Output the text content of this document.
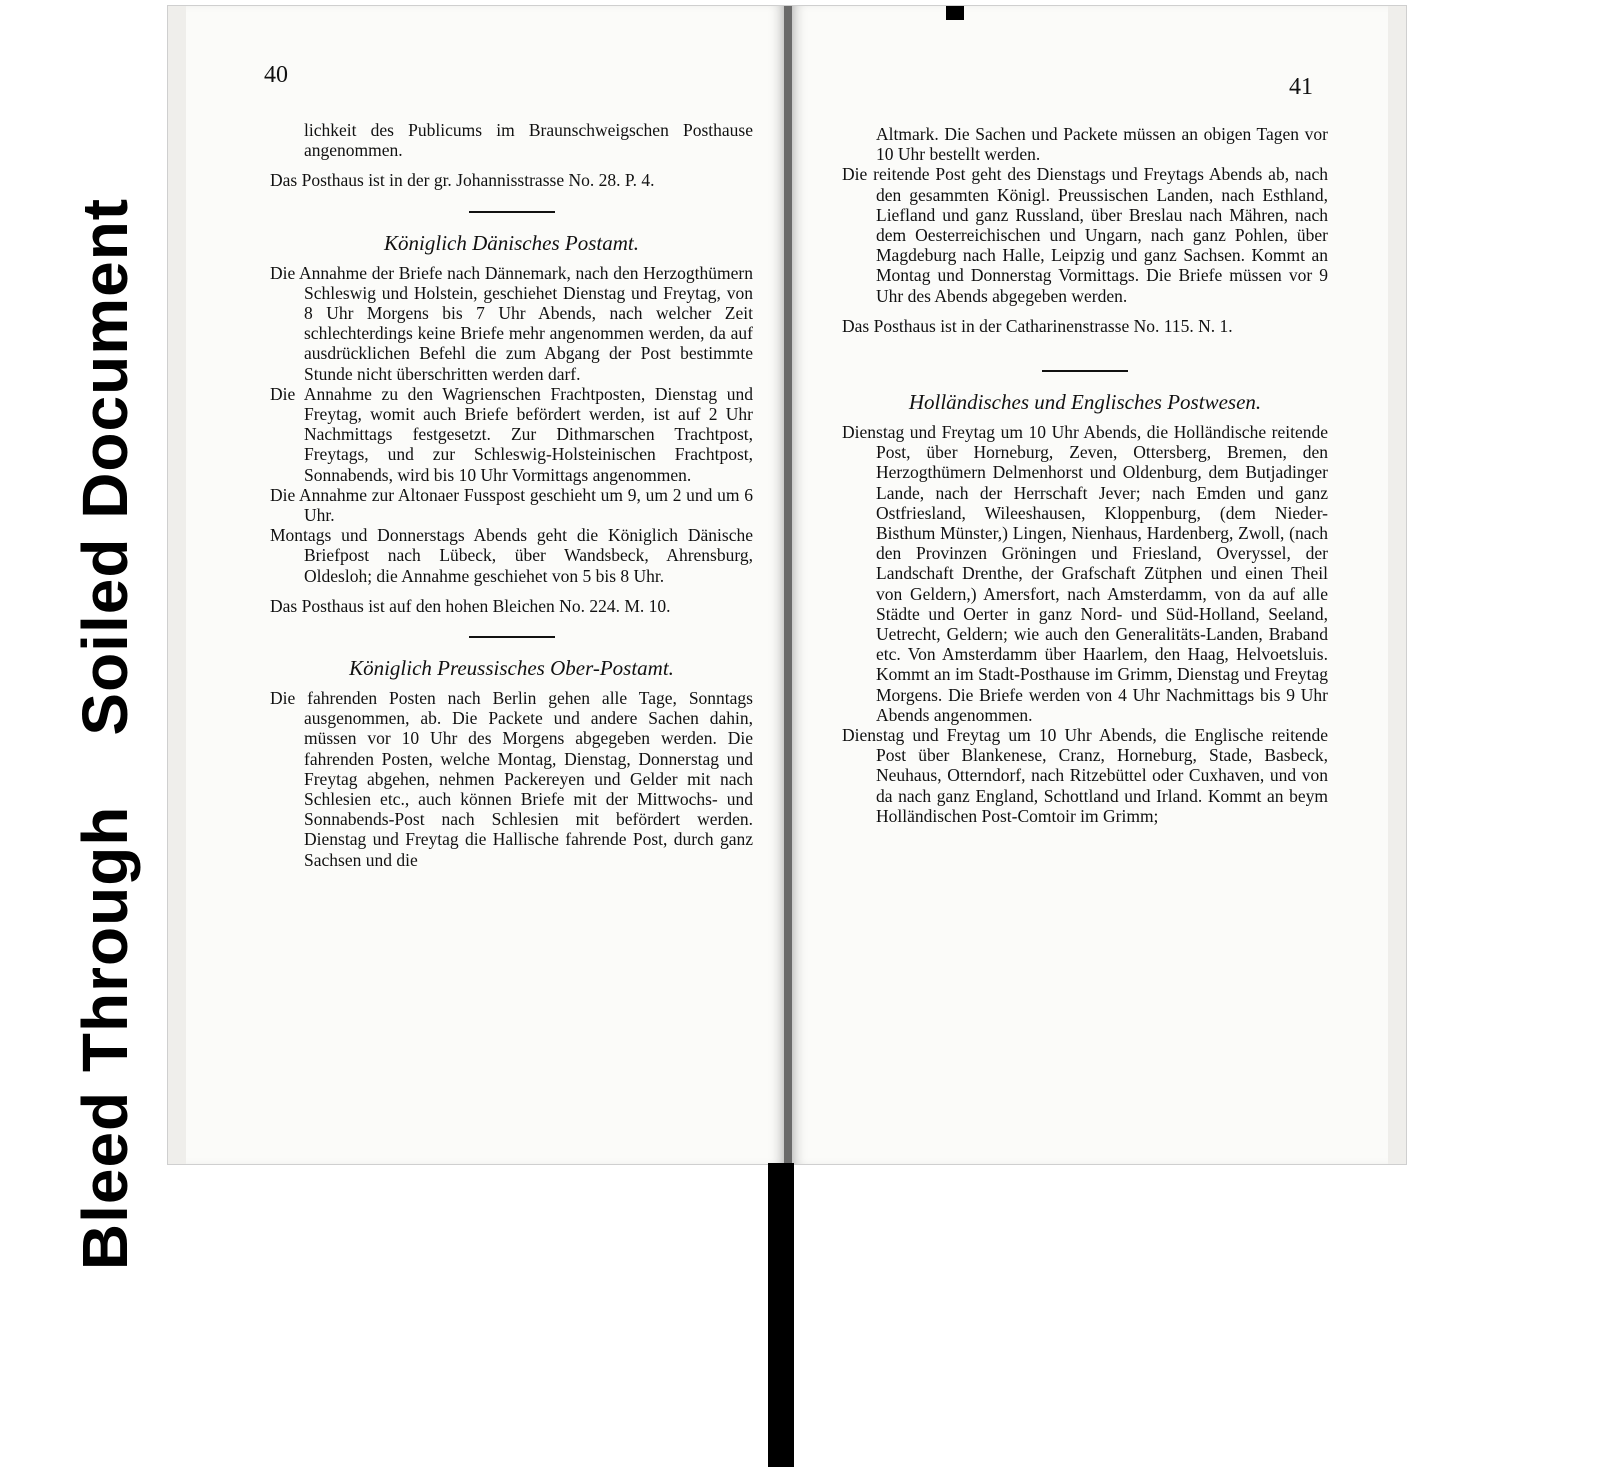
Bleed ThroughSoiled Document
40

lichkeit des Publicums im Braunschweigschen Posthause angenommen.

Das Posthaus ist in der gr. Johannisstrasse No. 28. P. 4.

Königlich Dänisches Postamt.

Die Annahme der Briefe nach Dännemark, nach den Herzogthümern Schleswig und Holstein, geschiehet Dienstag und Freytag, von 8 Uhr Morgens bis 7 Uhr Abends, nach welcher Zeit schlechterdings keine Briefe mehr angenommen werden, da auf ausdrücklichen Befehl die zum Abgang der Post bestimmte Stunde nicht überschritten werden darf.

Die Annahme zu den Wagrienschen Frachtposten, Dienstag und Freytag, womit auch Briefe befördert werden, ist auf 2 Uhr Nachmittags festgesetzt. Zur Dithmarschen Trachtpost, Freytags, und zur Schleswig-Holsteinischen Frachtpost, Sonnabends, wird bis 10 Uhr Vormittags angenommen.

Die Annahme zur Altonaer Fusspost geschieht um 9, um 2 und um 6 Uhr.

Montags und Donnerstags Abends geht die Königlich Dänische Briefpost nach Lübeck, über Wandsbeck, Ahrensburg, Oldesloh; die Annahme geschiehet von 5 bis 8 Uhr.

Das Posthaus ist auf den hohen Bleichen No. 224. M. 10.

Königlich Preussisches Ober-Postamt.

Die fahrenden Posten nach Berlin gehen alle Tage, Sonntags ausgenommen, ab. Die Packete und andere Sachen dahin, müssen vor 10 Uhr des Morgens abgegeben werden. Die fahrenden Posten, welche Montag, Dienstag, Donnerstag und Freytag abgehen, nehmen Packereyen und Gelder mit nach Schlesien etc., auch können Briefe mit der Mittwochs- und Sonnabends-Post nach Schlesien mit befördert werden. Dienstag und Freytag die Hallische fahrende Post, durch ganz Sachsen und die

41

Altmark. Die Sachen und Packete müssen an obigen Tagen vor 10 Uhr bestellt werden.

Die reitende Post geht des Dienstags und Freytags Abends ab, nach den gesammten Königl. Preussischen Landen, nach Esthland, Liefland und ganz Russland, über Breslau nach Mähren, nach dem Oesterreichischen und Ungarn, nach ganz Pohlen, über Magdeburg nach Halle, Leipzig und ganz Sachsen. Kommt an Montag und Donnerstag Vormittags. Die Briefe müssen vor 9 Uhr des Abends abgegeben werden.

Das Posthaus ist in der Catharinenstrasse No. 115. N. 1.

Holländisches und Englisches Postwesen.

Dienstag und Freytag um 10 Uhr Abends, die Holländische reitende Post, über Horneburg, Zeven, Ottersberg, Bremen, den Herzogthümern Delmenhorst und Oldenburg, dem Butjadinger Lande, nach der Herrschaft Jever; nach Emden und ganz Ostfriesland, Wileeshausen, Kloppenburg, (dem Nieder-Bisthum Münster,) Lingen, Nienhaus, Hardenberg, Zwoll, (nach den Provinzen Gröningen und Friesland, Overyssel, der Landschaft Drenthe, der Grafschaft Zütphen und einen Theil von Geldern,) Amersfort, nach Amsterdamm, von da auf alle Städte und Oerter in ganz Nord- und Süd-Holland, Seeland, Uetrecht, Geldern; wie auch den Generalitäts-Landen, Braband etc. Von Amsterdamm über Haarlem, den Haag, Helvoetsluis. Kommt an im Stadt-Posthause im Grimm, Dienstag und Freytag Morgens. Die Briefe werden von 4 Uhr Nachmittags bis 9 Uhr Abends angenommen.

Dienstag und Freytag um 10 Uhr Abends, die Englische reitende Post über Blankenese, Cranz, Horneburg, Stade, Basbeck, Neuhaus, Otterndorf, nach Ritzebüttel oder Cuxhaven, und von da nach ganz England, Schottland und Irland. Kommt an beym Holländischen Post-Comtoir im Grimm;
